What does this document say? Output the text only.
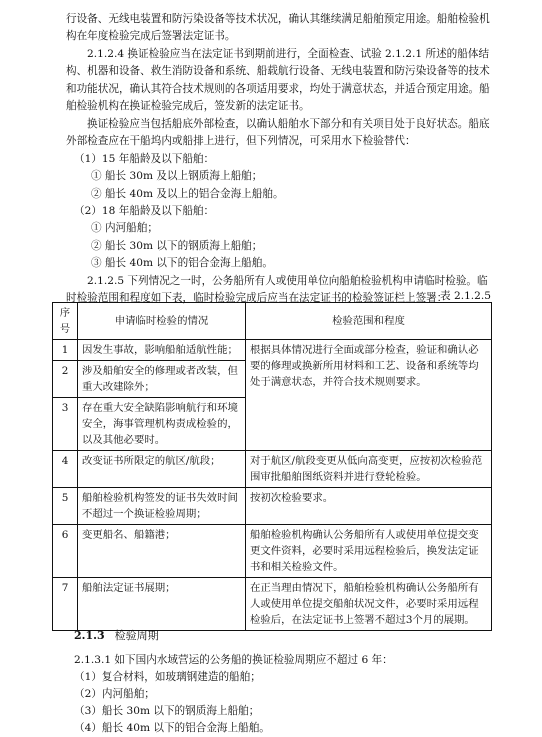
行设备、无线电装置和防污染设备等技术状况，确认其继续满足船舶预定用途。船舶检验机构在年度检验完成后签署法定证书。

2.1.2.4 换证检验应当在法定证书到期前进行，全面检查、试验 2.1.2.1 所述的船体结构、机器和设备、救生消防设备和系统、船载航行设备、无线电装置和防污染设备等的技术和功能状况，确认其符合技术规则的各项适用要求，均处于满意状态，并适合预定用途。船舶检验机构在换证检验完成后，签发新的法定证书。

换证检验应当包括船底外部检查，以确认船舶水下部分和有关项目处于良好状态。船底外部检查应在干船坞内或船排上进行，但下列情况，可采用水下检验替代：

（1）15 年船龄及以下船舶：

① 船长 30m 及以上钢质海上船舶；

② 船长 40m 及以上的铝合金海上船舶。

（2）18 年船龄及以下船舶：

① 内河船舶；

② 船长 30m 以下的钢质海上船舶；

③ 船长 40m 以下的铝合金海上船舶。

2.1.2.5 下列情况之一时，公务船所有人或使用单位向船舶检验机构申请临时检验。临时检验范围和程度如下表，临时检验完成后应当在法定证书的检验签证栏上签署：

表 2.1.2.5
序号	申请临时检验的情况	检验范围和程度
1	因发生事故，影响船舶适航性能；	根据具体情况进行全面或部分检查，验证和确认必要的修理或换新所用材料和工艺、设备和系统等均处于满意状态，并符合技术规则要求。
2	涉及船舶安全的修理或者改装，但重大改建除外；	
3	存在重大安全缺陷影响航行和环境安全，海事管理机构责成检验的，以及其他必要时。	
4	改变证书所限定的航区/航段；	对于航区/航段变更从低向高变更，应按初次检验范围审批船舶图纸资料并进行登轮检验。
5	船舶检验机构签发的证书失效时间不超过一个换证检验周期；	按初次检验要求。
6	变更船名、船籍港；	船舶检验机构确认公务船所有人或使用单位提交变更文件资料，必要时采用远程检验后，换发法定证书和相关检验文件。
7	船舶法定证书展期；	在正当理由情况下，船舶检验机构确认公务船所有人或使用单位提交船舶状况文件，必要时采用远程检验后，在法定证书上签署不超过3个月的展期。
2.1.3 检验周期

2.1.3.1 如下国内水域营运的公务船的换证检验周期应不超过 6 年：

（1）复合材料，如玻璃钢建造的船舶；

（2）内河船舶；

（3）船长 30m 以下的钢质海上船舶；

（4）船长 40m 以下的铝合金海上船舶。
